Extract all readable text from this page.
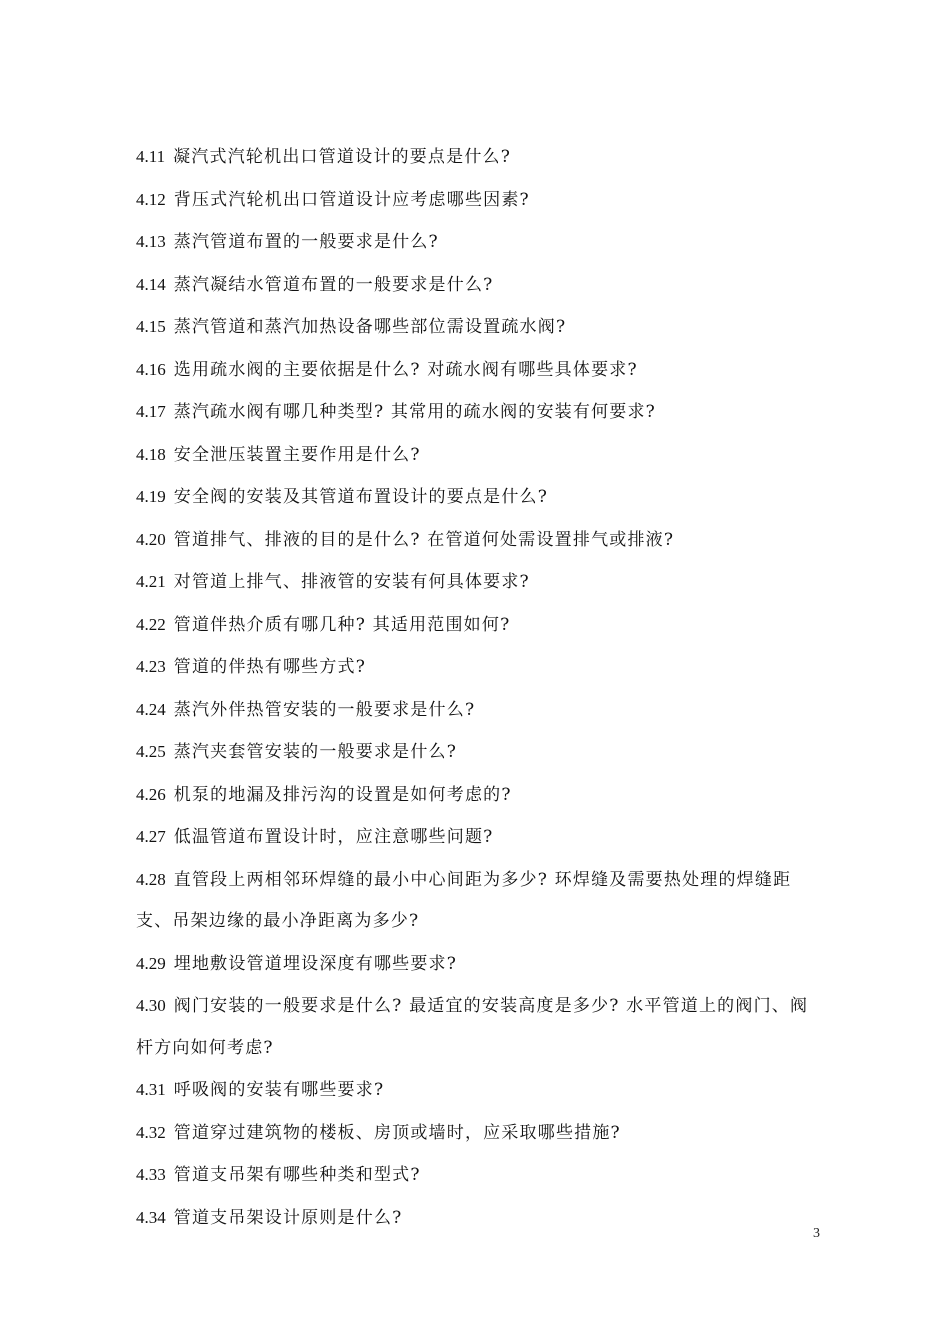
4.11 凝汽式汽轮机出口管道设计的要点是什么?
4.12 背压式汽轮机出口管道设计应考虑哪些因素?
4.13 蒸汽管道布置的一般要求是什么?
4.14 蒸汽凝结水管道布置的一般要求是什么?
4.15 蒸汽管道和蒸汽加热设备哪些部位需设置疏水阀?
4.16 选用疏水阀的主要依据是什么? 对疏水阀有哪些具体要求?
4.17 蒸汽疏水阀有哪几种类型? 其常用的疏水阀的安装有何要求?
4.18 安全泄压装置主要作用是什么?
4.19 安全阀的安装及其管道布置设计的要点是什么?
4.20 管道排气、排液的目的是什么? 在管道何处需设置排气或排液?
4.21 对管道上排气、排液管的安装有何具体要求?
4.22 管道伴热介质有哪几种? 其适用范围如何?
4.23 管道的伴热有哪些方式?
4.24 蒸汽外伴热管安装的一般要求是什么?
4.25 蒸汽夹套管安装的一般要求是什么?
4.26 机泵的地漏及排污沟的设置是如何考虑的?
4.27 低温管道布置设计时，应注意哪些问题?
4.28 直管段上两相邻环焊缝的最小中心间距为多少? 环焊缝及需要热处理的焊缝距支、吊架边缘的最小净距离为多少?
4.29 埋地敷设管道埋设深度有哪些要求?
4.30 阀门安装的一般要求是什么? 最适宜的安装高度是多少? 水平管道上的阀门、阀杆方向如何考虑?
4.31 呼吸阀的安装有哪些要求?
4.32 管道穿过建筑物的楼板、房顶或墙时，应采取哪些措施?
4.33 管道支吊架有哪些种类和型式?
4.34 管道支吊架设计原则是什么?
3
